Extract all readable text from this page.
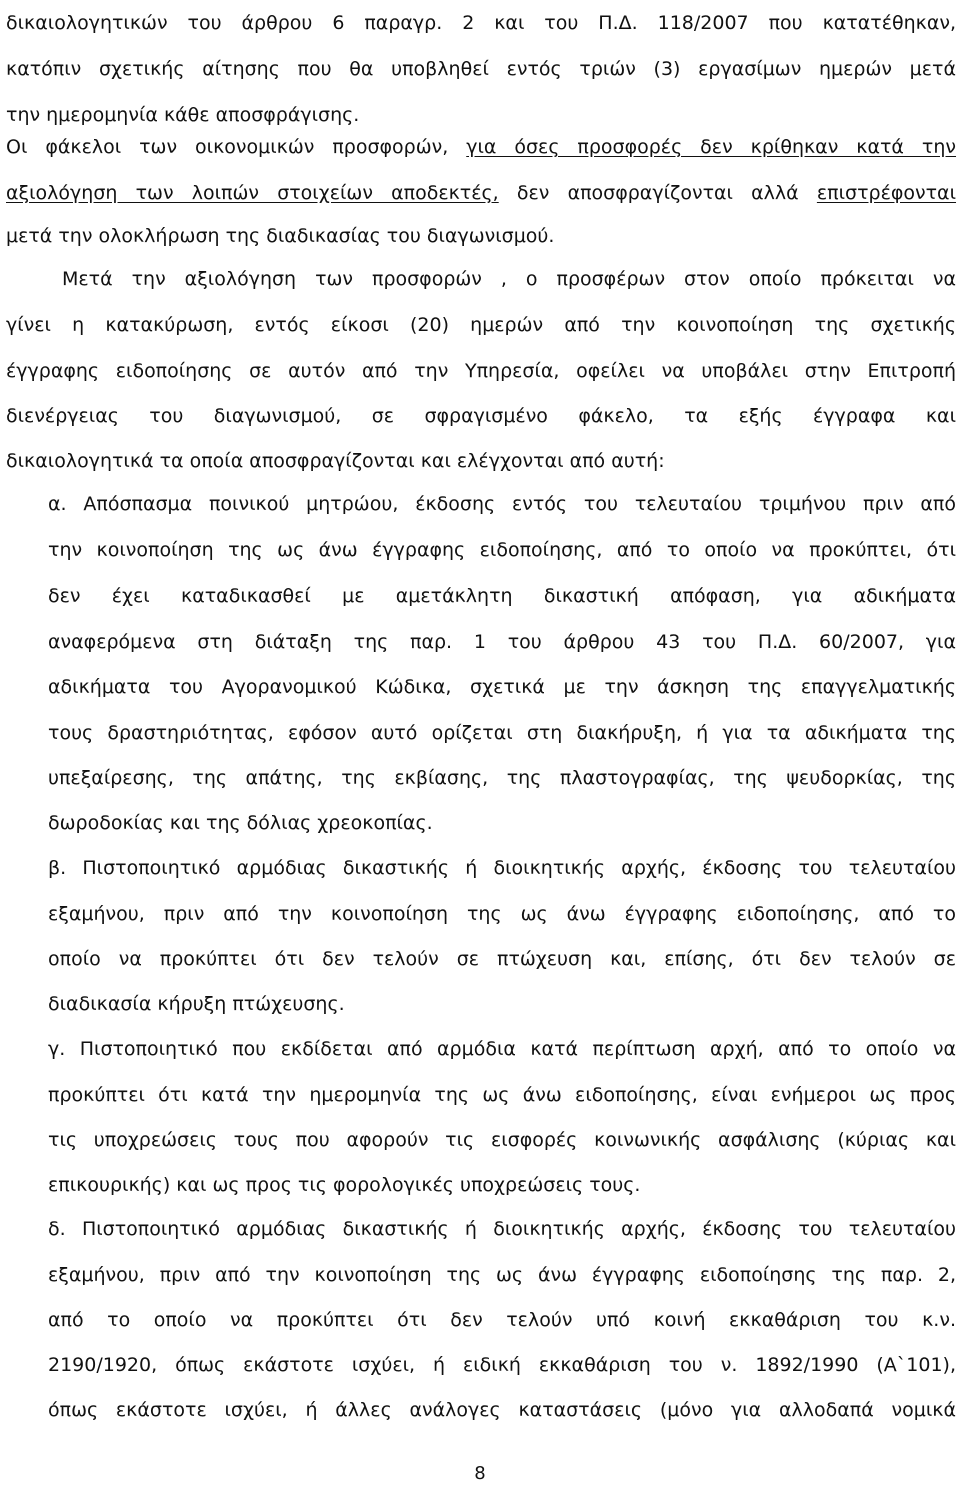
δικαιολογητικών του άρθρου 6 παραγρ. 2 και του Π.Δ. 118/2007 που κατατέθηκαν,
κατόπιν σχετικής αίτησης που θα υποβληθεί εντός τριών (3) εργασίμων ημερών μετά
την ημερομηνία κάθε αποσφράγισης.
Οι φάκελοι των οικονομικών προσφορών, για όσες προσφορές δεν κρίθηκαν κατά την
αξιολόγηση των λοιπών στοιχείων αποδεκτές, δεν αποσφραγίζονται αλλά επιστρέφονται
μετά την ολοκλήρωση της διαδικασίας του διαγωνισμού.
Μετά την αξιολόγηση των προσφορών , ο προσφέρων στον οποίο πρόκειται να
γίνει η κατακύρωση, εντός είκοσι (20) ημερών από την κοινοποίηση της σχετικής
έγγραφης ειδοποίησης σε αυτόν από την Υπηρεσία, οφείλει να υποβάλει στην Επιτροπή
διενέργειας του διαγωνισμού, σε σφραγισμένο φάκελο, τα εξής έγγραφα και
δικαιολογητικά τα οποία αποσφραγίζονται και ελέγχονται από αυτή:
α. Απόσπασμα ποινικού μητρώου, έκδοσης εντός του τελευταίου τριμήνου πριν από
την κοινοποίηση της ως άνω έγγραφης ειδοποίησης, από το οποίο να προκύπτει, ότι
δεν έχει καταδικασθεί με αμετάκλητη δικαστική απόφαση, για αδικήματα
αναφερόμενα στη διάταξη της παρ. 1 του άρθρου 43 του Π.Δ. 60/2007, για
αδικήματα του Αγορανομικού Κώδικα, σχετικά με την άσκηση της επαγγελματικής
τους δραστηριότητας, εφόσον αυτό ορίζεται στη διακήρυξη, ή για τα αδικήματα της
υπεξαίρεσης, της απάτης, της εκβίασης, της πλαστογραφίας, της ψευδορκίας, της
δωροδοκίας και της δόλιας χρεοκοπίας.
β. Πιστοποιητικό αρμόδιας δικαστικής ή διοικητικής αρχής, έκδοσης του τελευταίου
εξαμήνου, πριν από την κοινοποίηση της ως άνω έγγραφης ειδοποίησης, από το
οποίο να προκύπτει ότι δεν τελούν σε πτώχευση και, επίσης, ότι δεν τελούν σε
διαδικασία κήρυξη πτώχευσης.
γ. Πιστοποιητικό που εκδίδεται από αρμόδια κατά περίπτωση αρχή, από το οποίο να
προκύπτει ότι κατά την ημερομηνία της ως άνω ειδοποίησης, είναι ενήμεροι ως προς
τις υποχρεώσεις τους που αφορούν τις εισφορές κοινωνικής ασφάλισης (κύριας και
επικουρικής) και ως προς τις φορολογικές υποχρεώσεις τους.
δ. Πιστοποιητικό αρμόδιας δικαστικής ή διοικητικής αρχής, έκδοσης του τελευταίου
εξαμήνου, πριν από την κοινοποίηση της ως άνω έγγραφης ειδοποίησης της παρ. 2,
από το οποίο να προκύπτει ότι δεν τελούν υπό κοινή εκκαθάριση του κ.ν.
2190/1920, όπως εκάστοτε ισχύει, ή ειδική εκκαθάριση του ν. 1892/1990 (Α`101),
όπως εκάστοτε ισχύει, ή άλλες ανάλογες καταστάσεις (μόνο για αλλοδαπά νομικά
8
